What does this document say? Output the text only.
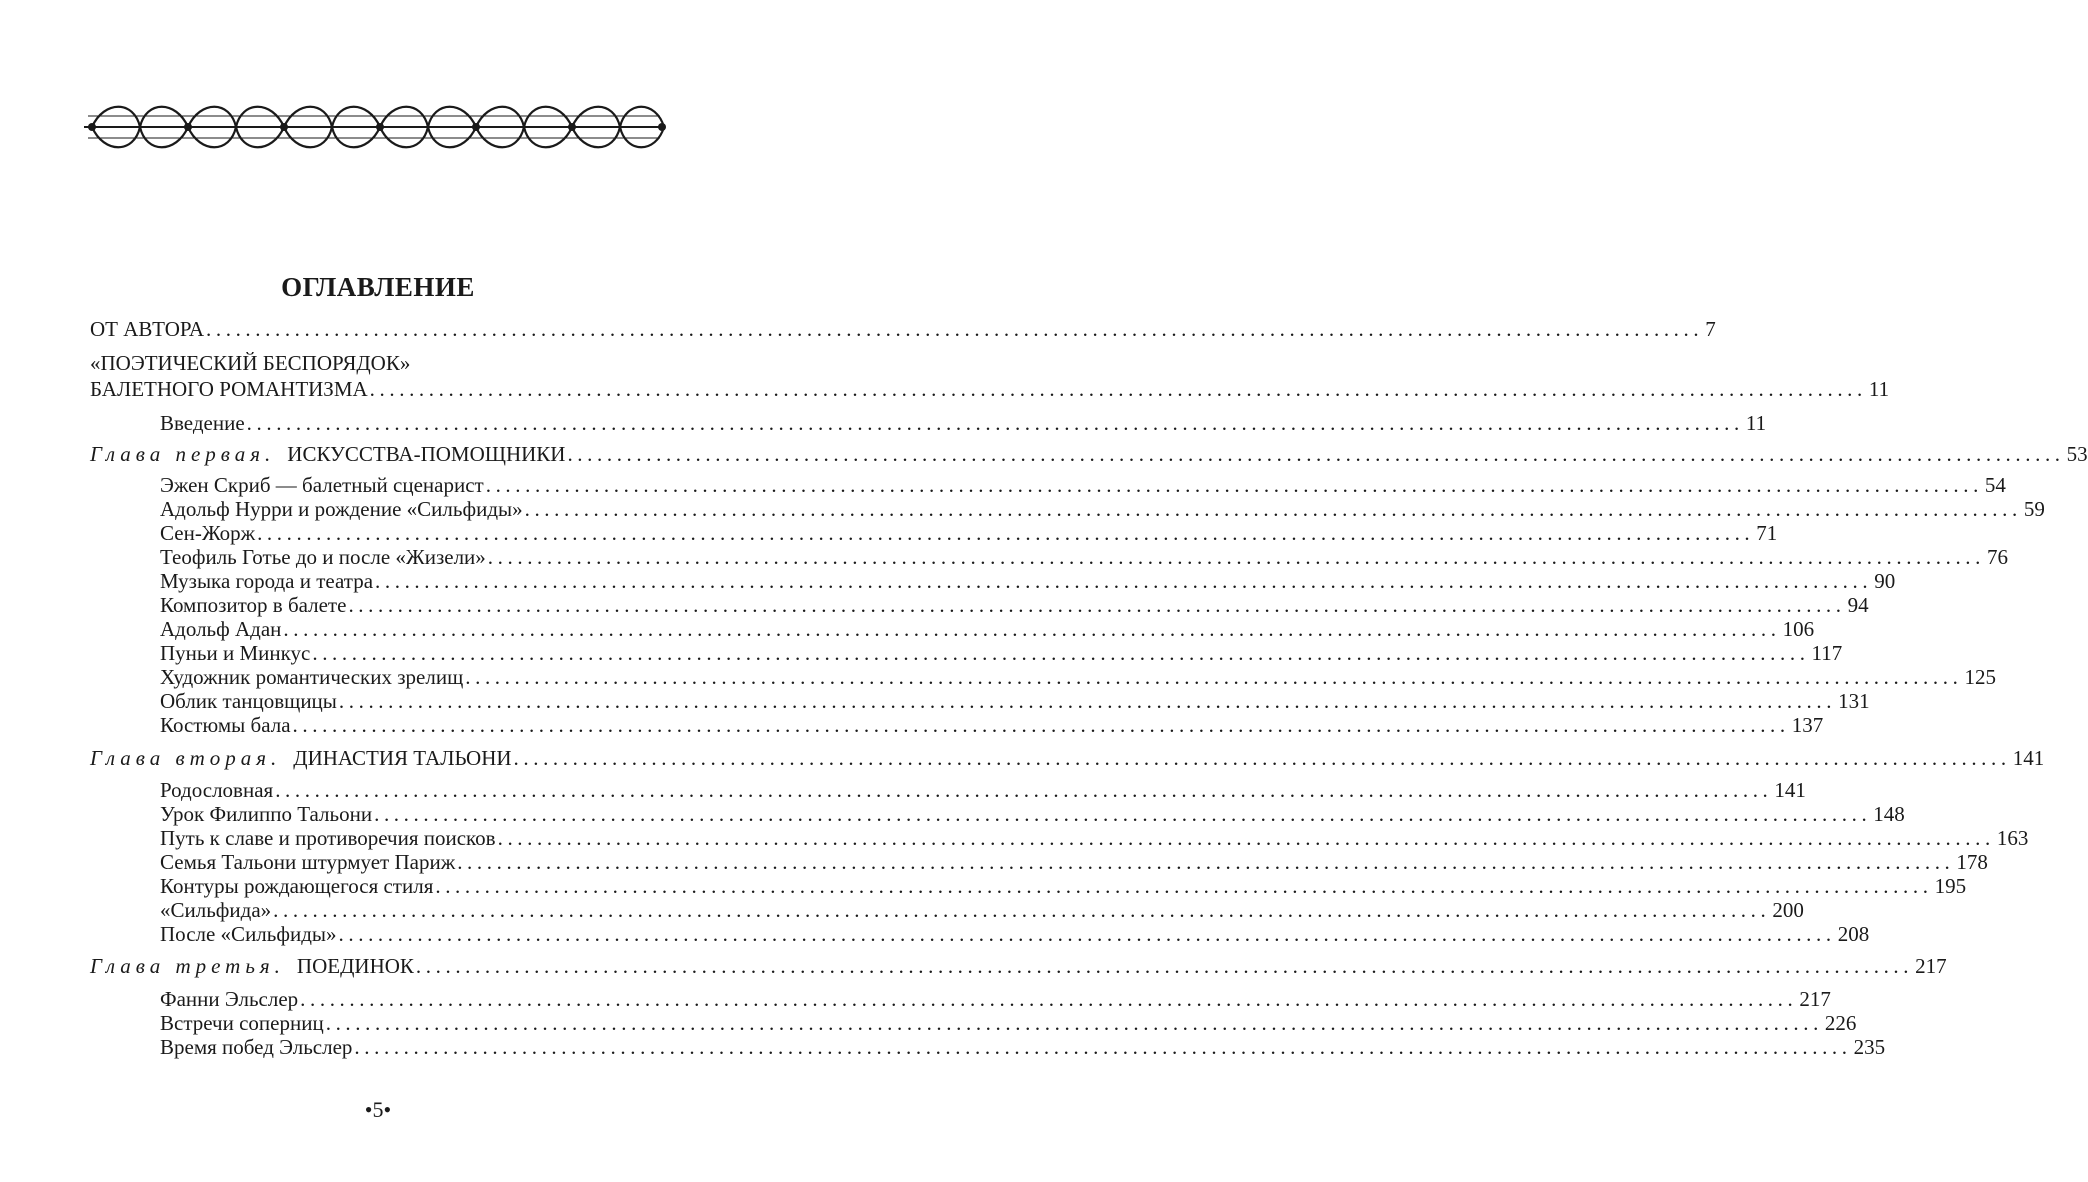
ОГЛАВЛЕНИЕ
ОТ АВТОРА ........................................................................................................................................................ 7
«ПОЭТИЧЕСКИЙ БЕСПОРЯДОК»
БАЛЕТНОГО РОМАНТИЗМА ........................................................................................................................................................ 11
Введение ........................................................................................................................................................ 11
Глава первая. ИСКУССТВА-ПОМОЩНИКИ ........................................................................................................................................................ 53
Эжен Скриб — балетный сценарист ........................................................................................................................................................ 54
Адольф Нурри и рождение «Сильфиды» ........................................................................................................................................................ 59
Сен-Жорж ........................................................................................................................................................ 71
Теофиль Готье до и после «Жизели» ........................................................................................................................................................ 76
Музыка города и театра ........................................................................................................................................................ 90
Композитор в балете ........................................................................................................................................................ 94
Адольф Адан ........................................................................................................................................................ 106
Пуньи и Минкус ........................................................................................................................................................ 117
Художник романтических зрелищ ........................................................................................................................................................ 125
Облик танцовщицы ........................................................................................................................................................ 131
Костюмы бала ........................................................................................................................................................ 137
Глава вторая. ДИНАСТИЯ ТАЛЬОНИ ........................................................................................................................................................ 141
Родословная ........................................................................................................................................................ 141
Урок Филиппо Тальони ........................................................................................................................................................ 148
Путь к славе и противоречия поисков ........................................................................................................................................................ 163
Семья Тальони штурмует Париж ........................................................................................................................................................ 178
Контуры рождающегося стиля ........................................................................................................................................................ 195
«Сильфида» ........................................................................................................................................................ 200
После «Сильфиды» ........................................................................................................................................................ 208
Глава третья. ПОЕДИНОК ........................................................................................................................................................ 217
Фанни Эльслер ........................................................................................................................................................ 217
Встречи соперниц ........................................................................................................................................................ 226
Время побед Эльслер ........................................................................................................................................................ 235
•5•
